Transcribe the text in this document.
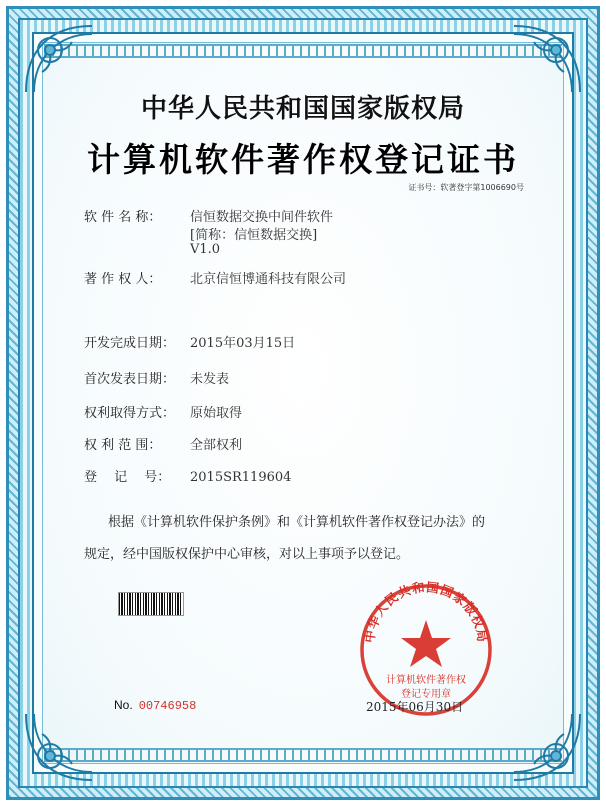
中华人民共和国国家版权局
计算机软件著作权登记证书
证书号：软著登字第1006690号
软 件 名 称： 信恒数据交换中间件软件
[简称：信恒数据交换]
V1.0
著 作 权 人： 北京信恒博通科技有限公司
开发完成日期： 2015年03月15日
首次发表日期： 未发表
权利取得方式： 原始取得
权 利 范 围： 全部权利
登　 记　 号： 2015SR119604
根据《计算机软件保护条例》和《计算机软件著作权登记办法》的
规定，经中国版权保护中心审核，对以上事项予以登记。
中华人民共和国国家版权局
计算机软件著作权
登记专用章
No. 00746958	2015年06月30日
